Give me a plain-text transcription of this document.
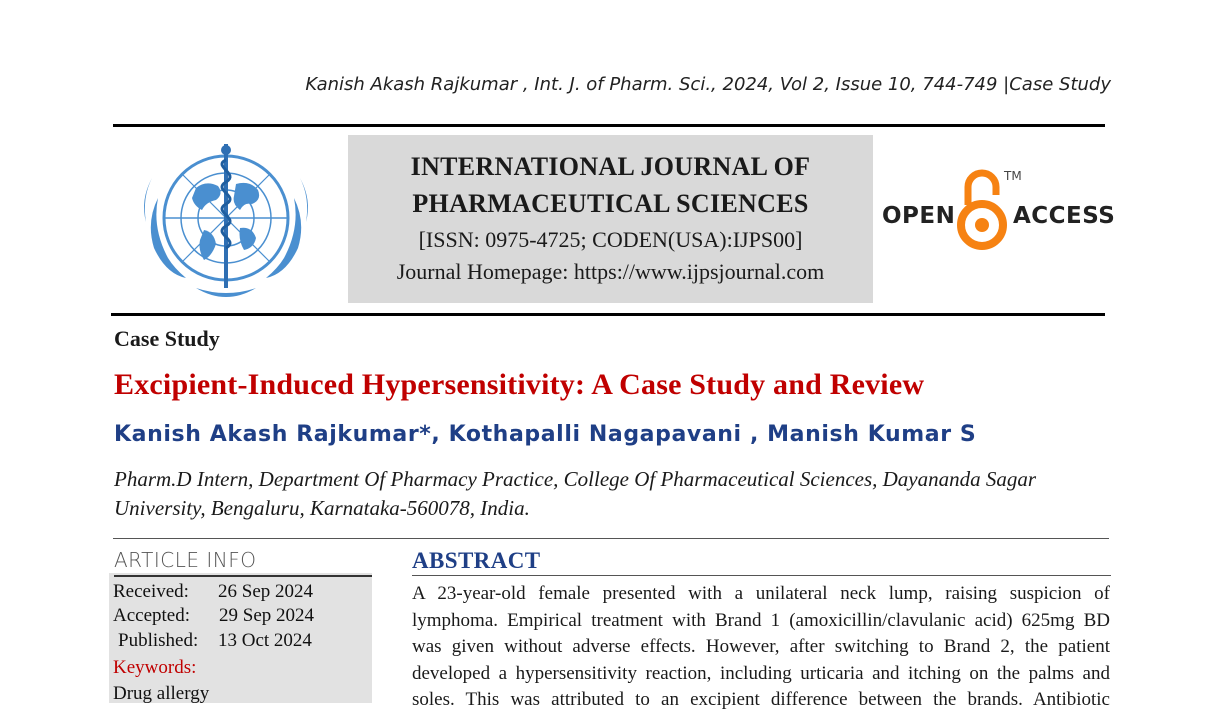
Kanish Akash Rajkumar , Int. J. of Pharm. Sci., 2024, Vol 2, Issue 10, 744-749 |Case Study
INTERNATIONAL JOURNAL OF
PHARMACEUTICAL SCIENCES
[ISSN: 0975-4725; CODEN(USA):IJPS00]
Journal Homepage: https://www.ijpsjournal.com
OPEN
TM
ACCESS
Case Study
Excipient-Induced Hypersensitivity: A Case Study and Review
Kanish Akash Rajkumar*, Kothapalli Nagapavani , Manish Kumar S
Pharm.D Intern, Department Of Pharmacy Practice, College Of Pharmaceutical Sciences, Dayananda Sagar University, Bengaluru, Karnataka-560078, India.
Received: 26 Sep 2024
Accepted: 29 Sep 2024
Published: 13 Oct 2024
Keywords:
Drug allergy
ARTICLE INFO	ABSTRACT
A 23-year-old female presented with a unilateral neck lump, raising suspicion of
lymphoma. Empirical treatment with Brand 1 (amoxicillin/clavulanic acid) 625mg BD
was given without adverse effects. However, after switching to Brand 2, the patient
developed a hypersensitivity reaction, including urticaria and itching on the palms and
soles. This was attributed to an excipient difference between the brands. Antibiotic
